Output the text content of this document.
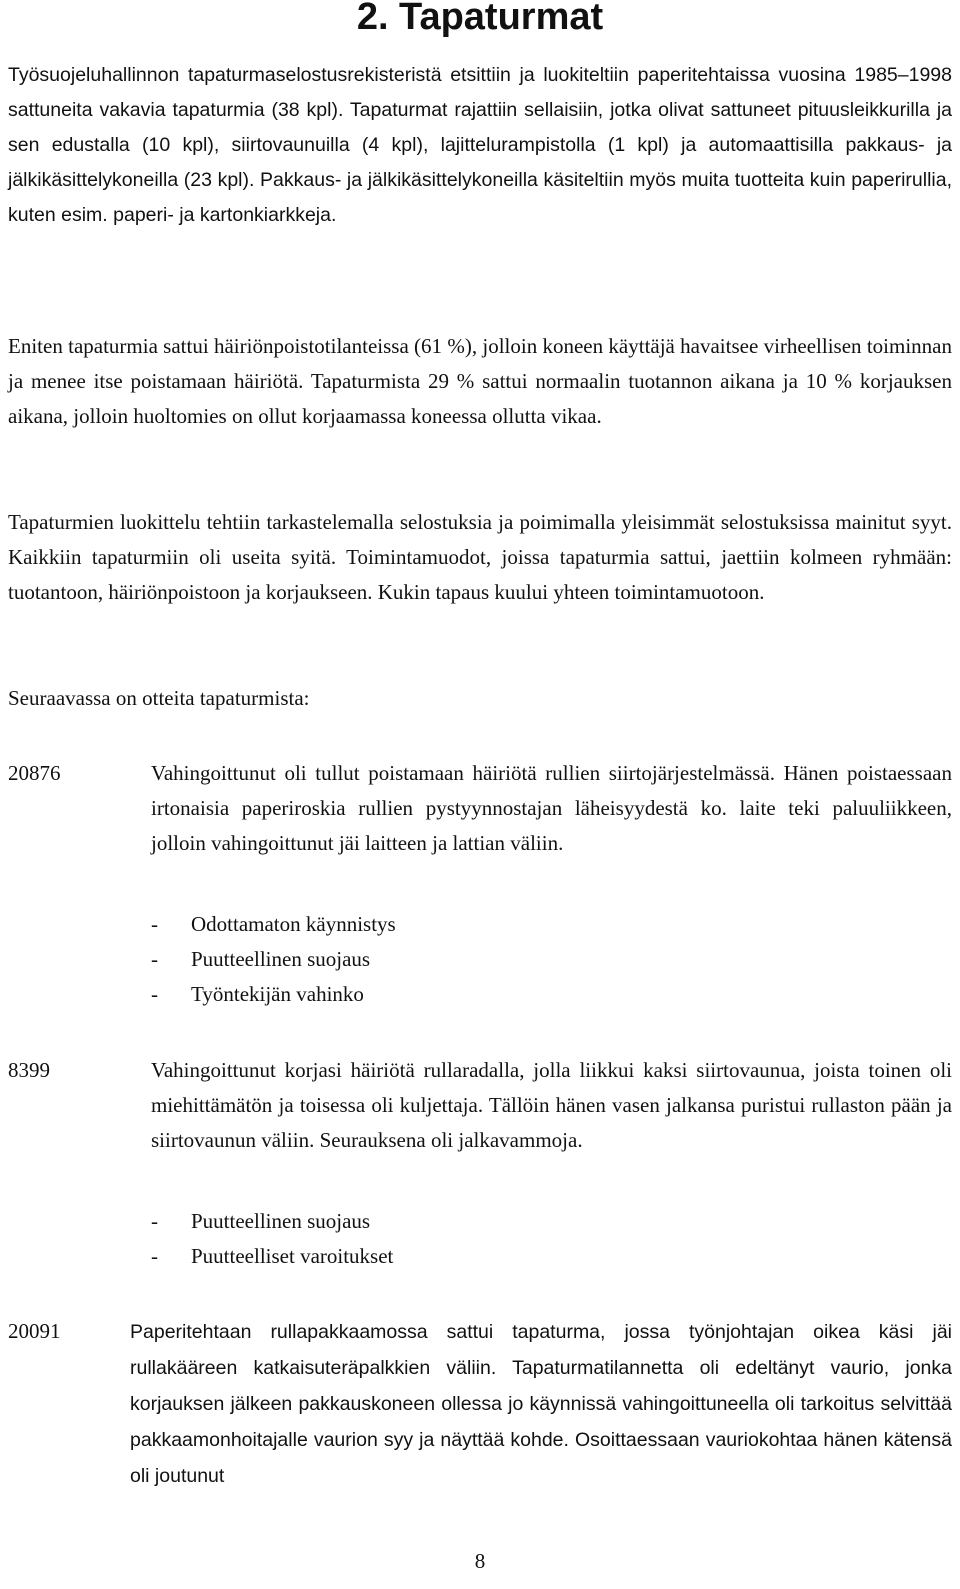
2. Tapaturmat

Työsuojeluhallinnon tapaturmaselostusrekisteristä etsittiin ja luokiteltiin paperitehtaissa vuosina 1985–1998 sattuneita vakavia tapaturmia (38 kpl). Tapaturmat rajattiin sellaisiin, jotka olivat sattuneet pituusleikkurilla ja sen edustalla (10 kpl), siirtovaunuilla (4 kpl), lajittelurampistolla (1 kpl) ja automaattisilla pakkaus- ja jälkikäsittelykoneilla (23 kpl). Pakkaus- ja jälkikäsittelykoneilla käsiteltiin myös muita tuotteita kuin paperirullia, kuten esim. paperi- ja kartonkiarkkeja.

Eniten tapaturmia sattui häiriönpoistotilanteissa (61 %), jolloin koneen käyttäjä havaitsee virheellisen toiminnan ja menee itse poistamaan häiriötä. Tapaturmista 29 % sattui normaalin tuotannon aikana ja 10 % korjauksen aikana, jolloin huoltomies on ollut korjaamassa koneessa ollutta vikaa.

Tapaturmien luokittelu tehtiin tarkastelemalla selostuksia ja poimimalla yleisimmät selostuksissa mainitut syyt. Kaikkiin tapaturmiin oli useita syitä. Toimintamuodot, joissa tapaturmia sattui, jaettiin kolmeen ryhmään: tuotantoon, häiriönpoistoon ja korjaukseen. Kukin tapaus kuului yhteen toimintamuotoon.

Seuraavassa on otteita tapaturmista:

20876	Vahingoittunut oli tullut poistamaan häiriötä rullien siirtojärjestelmässä. Hänen poistaessaan irtonaisia paperiroskia rullien pystyynnostajan läheisyydestä ko. laite teki paluuliikkeen, jolloin vahingoittunut jäi laitteen ja lattian väliin.

- Odottamaton käynnistys
- Puutteellinen suojaus
- Työntekijän vahinko

8399	Vahingoittunut korjasi häiriötä rullaradalla, jolla liikkui kaksi siirtovaunua, joista toinen oli miehittämätön ja toisessa oli kuljettaja. Tällöin hänen vasen jalkansa puristui rullaston pään ja siirtovaunun väliin. Seurauksena oli jalkavammoja.

- Puutteellinen suojaus
- Puutteelliset varoitukset

20091	Paperitehtaan rullapakkaamossa sattui tapaturma, jossa työnjohtajan oikea käsi jäi rullakääreen katkaisuteräpalkkien väliin. Tapaturmatilannetta oli edeltänyt vaurio, jonka korjauksen jälkeen pakkauskoneen ollessa jo käynnissä vahingoittuneella oli tarkoitus selvittää pakkaamonhoitajalle vaurion syy ja näyttää kohde. Osoittaessaan vauriokohtaa hänen kätensä oli joutunut

8
